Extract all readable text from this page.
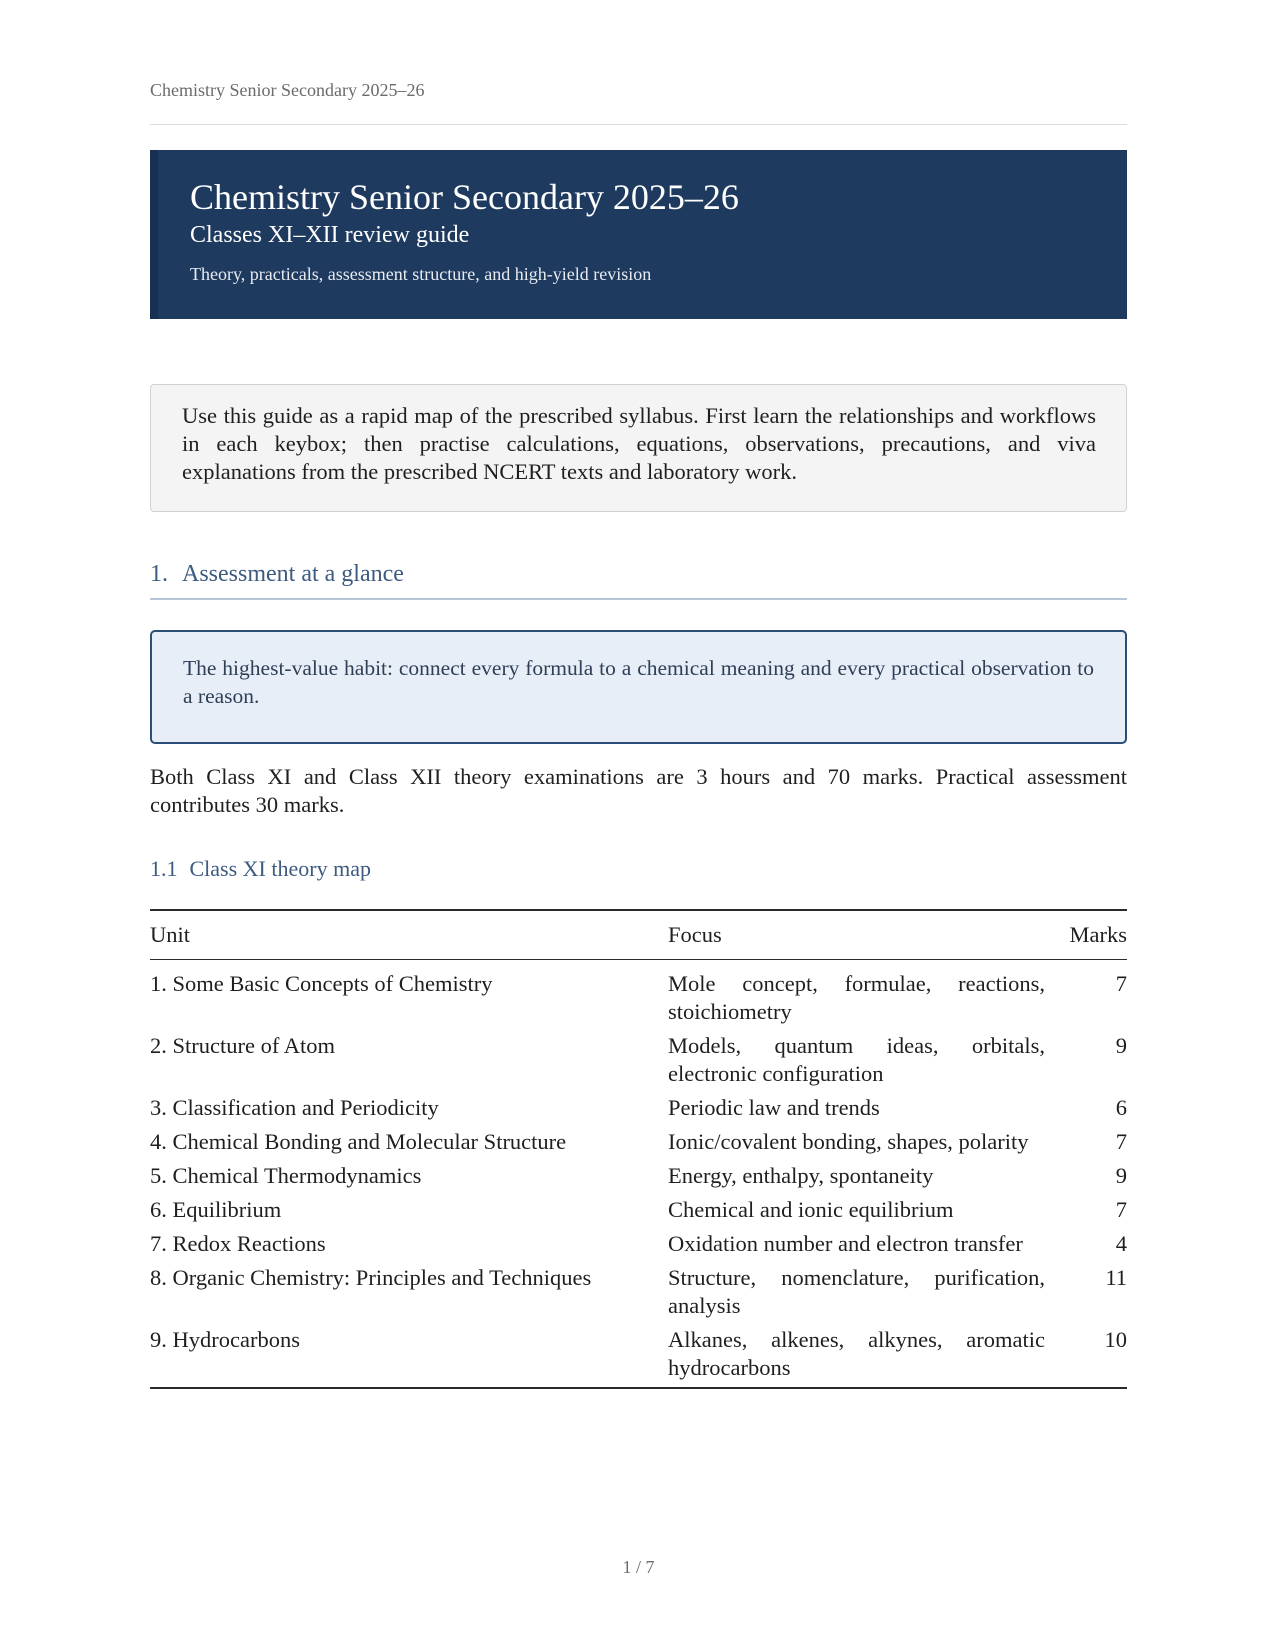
Chemistry Senior Secondary 2025–26
Chemistry Senior Secondary 2025–26
Classes XI–XII review guide
Theory, practicals, assessment structure, and high-yield revision
Use this guide as a rapid map of the prescribed syllabus. First learn the relationships and workflows in each keybox; then practise calculations, equations, observations, precautions, and viva explanations from the prescribed NCERT texts and laboratory work.
1. Assessment at a glance
The highest-value habit: connect every formula to a chemical meaning and every practical observation to a reason.
Both Class XI and Class XII theory examinations are 3 hours and 70 marks. Practical assessment contributes 30 marks.
1.1 Class XI theory map
Unit	Focus	Marks
1. Some Basic Concepts of Chemistry	Mole concept, formulae, reactions, stoichiometry	7
2. Structure of Atom	Models, quantum ideas, orbitals, electronic configuration	9
3. Classification and Periodicity	Periodic law and trends	6
4. Chemical Bonding and Molecular Structure	Ionic/covalent bonding, shapes, polarity	7
5. Chemical Thermodynamics	Energy, enthalpy, spontaneity	9
6. Equilibrium	Chemical and ionic equilibrium	7
7. Redox Reactions	Oxidation number and electron transfer	4
8. Organic Chemistry: Principles and Techniques	Structure, nomenclature, purification, analysis	11
9. Hydrocarbons	Alkanes, alkenes, alkynes, aromatic hydrocarbons	10
1 / 7
